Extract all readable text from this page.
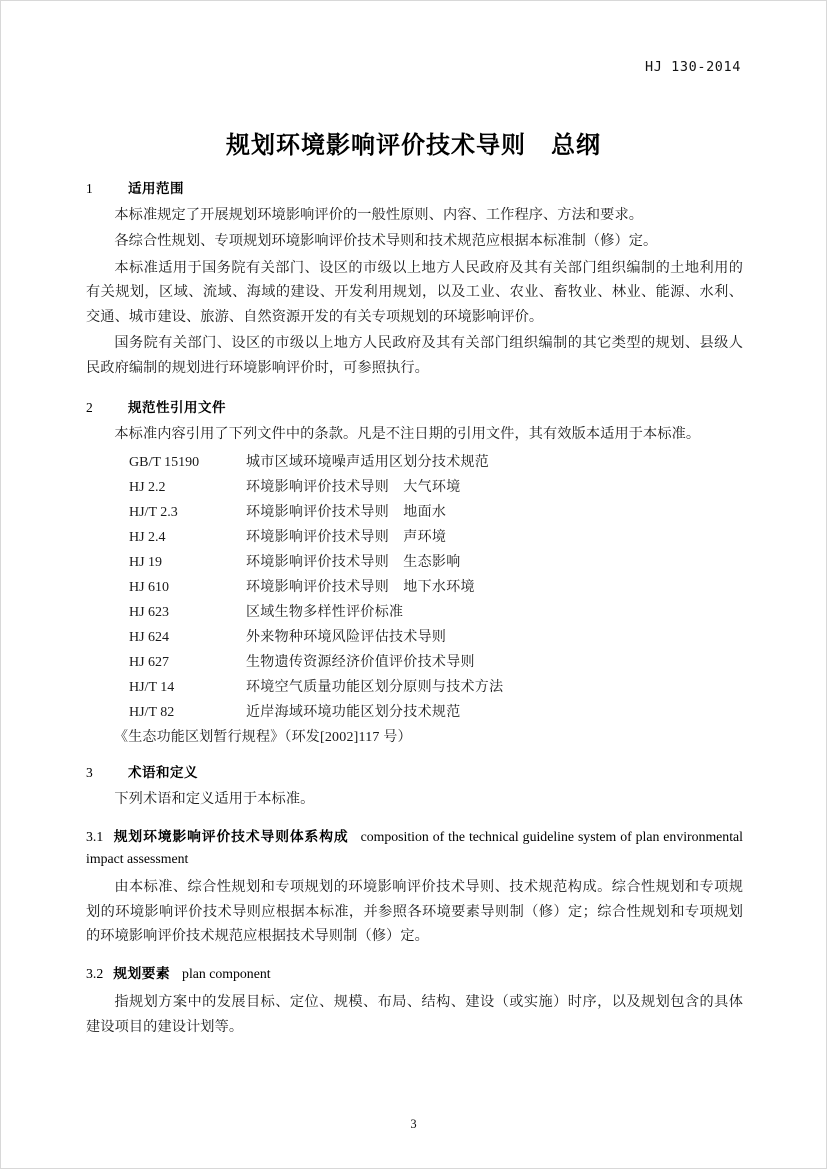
HJ 130-2014
规划环境影响评价技术导则　总纲
1	适用范围

本标准规定了开展规划环境影响评价的一般性原则、内容、工作程序、方法和要求。

各综合性规划、专项规划环境影响评价技术导则和技术规范应根据本标准制（修）定。

本标准适用于国务院有关部门、设区的市级以上地方人民政府及其有关部门组织编制的土地利用的有关规划，区域、流域、海域的建设、开发利用规划，以及工业、农业、畜牧业、林业、能源、水利、交通、城市建设、旅游、自然资源开发的有关专项规划的环境影响评价。

国务院有关部门、设区的市级以上地方人民政府及其有关部门组织编制的其它类型的规划、县级人民政府编制的规划进行环境影响评价时，可参照执行。

2	规范性引用文件

本标准内容引用了下列文件中的条款。凡是不注日期的引用文件，其有效版本适用于本标准。

GB/T 15190	城市区域环境噪声适用区划分技术规范
HJ 2.2	环境影响评价技术导则　大气环境
HJ/T 2.3	环境影响评价技术导则　地面水
HJ 2.4	环境影响评价技术导则　声环境
HJ 19	环境影响评价技术导则　生态影响
HJ 610	环境影响评价技术导则　地下水环境
HJ 623	区域生物多样性评价标准
HJ 624	外来物种环境风险评估技术导则
HJ 627	生物遗传资源经济价值评价技术导则
HJ/T 14	环境空气质量功能区划分原则与技术方法
HJ/T 82	近岸海域环境功能区划分技术规范
《生态功能区划暂行规程》（环发[2002]117 号）
3	术语和定义

下列术语和定义适用于本标准。

3.1 规划环境影响评价技术导则体系构成 composition of the technical guideline system of plan environmental impact assessment

由本标准、综合性规划和专项规划的环境影响评价技术导则、技术规范构成。综合性规划和专项规划的环境影响评价技术导则应根据本标准，并参照各环境要素导则制（修）定；综合性规划和专项规划的环境影响评价技术规范应根据技术导则制（修）定。

3.2 规划要素 plan component

指规划方案中的发展目标、定位、规模、布局、结构、建设（或实施）时序，以及规划包含的具体建设项目的建设计划等。

3
